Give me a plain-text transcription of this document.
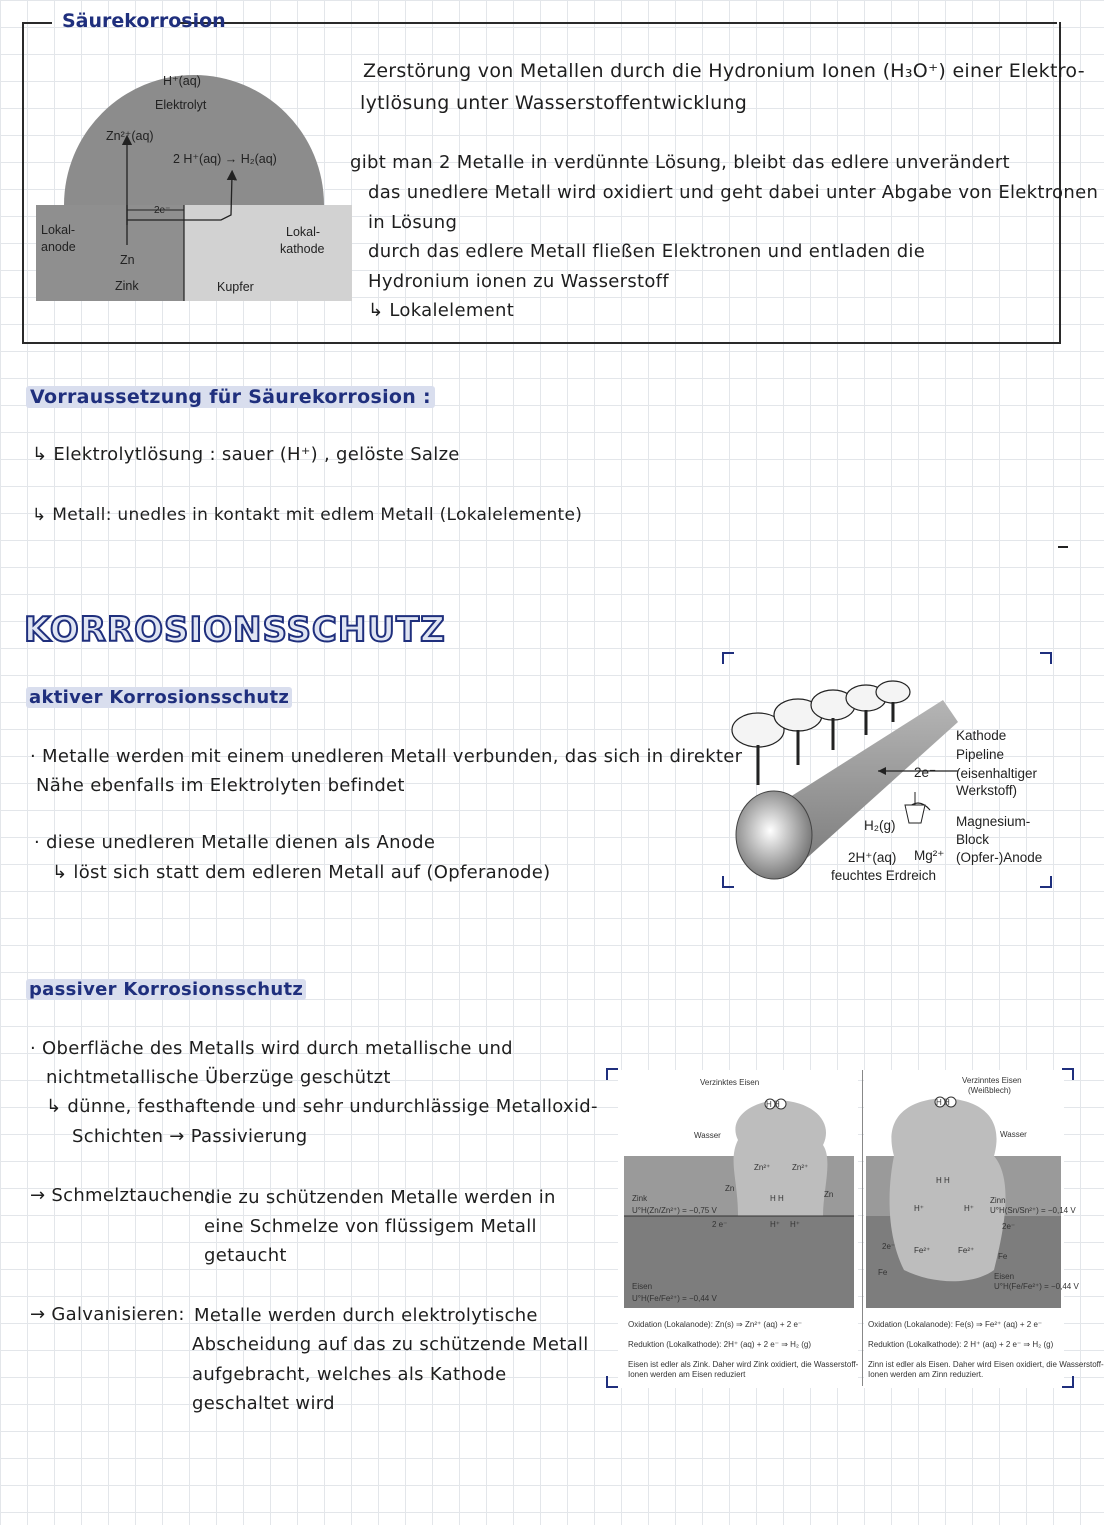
Säurekorrosion
H⁺(aq)
Elektrolyt
Zn²⁺(aq)
2 H⁺(aq) → H₂(aq)
2e⁻
Lokal-
anode
Lokal-
kathode
Zn
Zink	Kupfer
Zerstörung von Metallen durch die Hydronium Ionen (H₃O⁺) einer Elektro-
lytlösung unter Wasserstoffentwicklung
gibt man 2 Metalle in verdünnte Lösung, bleibt das edlere unverändert
das unedlere Metall wird oxidiert und geht dabei unter Abgabe von Elektronen
in Lösung
durch das edlere Metall fließen Elektronen und entladen die
Hydronium ionen zu Wasserstoff
↳ Lokalelement
Vorraussetzung für Säurekorrosion :
↳ Elektrolytlösung : sauer (H⁺) , gelöste Salze
↳ Metall: unedles in kontakt mit edlem Metall (Lokalelemente)
KORROSIONSSCHUTZ
aktiver Korrosionsschutz
· Metalle werden mit einem unedleren Metall verbunden, das sich in direkter
Nähe ebenfalls im Elektrolyten befindet
· diese unedleren Metalle dienen als Anode
↳ löst sich statt dem edleren Metall auf (Opferanode)
Kathode
Pipeline
(eisenhaltiger
Werkstoff)
2e⁻
H₂(g)	Magnesium-
Block
(Opfer-)Anode
2H⁺(aq) Mg²⁺
feuchtes Erdreich
passiver Korrosionsschutz
· Oberfläche des Metalls wird durch metallische und
nichtmetallische Überzüge geschützt
↳ dünne, festhaftende und sehr undurchlässige Metalloxid-
Schichten → Passivierung
→ Schmelztauchen:
die zu schützenden Metalle werden in
eine Schmelze von flüssigem Metall
getaucht
→ Galvanisieren: Metalle werden durch elektrolytische
Abscheidung auf das zu schützende Metall
aufgebracht, welches als Kathode
geschaltet wird
Verzinktes Eisen
H H
Wasser
Zn
Zn²⁺	Zn²⁺
Zn
H H
H⁺ H⁺
Zink
U°H(Zn/Zn²⁺) = −0,75 V
2 e⁻
Eisen
U°H(Fe/Fe²⁺) = −0,44 V
Oxidation (Lokalanode): Zn(s) ⇒ Zn²⁺ (aq) + 2 e⁻
Reduktion (Lokalkathode): 2H⁺ (aq) + 2 e⁻ ⇒ H₂ (g)
Eisen ist edler als Zink. Daher wird Zink oxidiert, die Wasserstoff-
Ionen werden am Eisen reduziert
Verzinntes Eisen
(Weißblech)
H H
Wasser
H H
H⁺	H⁺
Zinn
U°H(Sn/Sn²⁺) = −0,14 V
2e⁻
2e⁻ Fe²⁺	Fe²⁺
Fe
Fe	Eisen
U°H(Fe/Fe²⁺) = −0,44 V
Oxidation (Lokalanode): Fe(s) ⇒ Fe²⁺ (aq) + 2 e⁻
Reduktion (Lokalkathode): 2 H⁺ (aq) + 2 e⁻ ⇒ H₂ (g)
Zinn ist edler als Eisen. Daher wird Eisen oxidiert, die Wasserstoff-
Ionen werden am Zinn reduziert.
